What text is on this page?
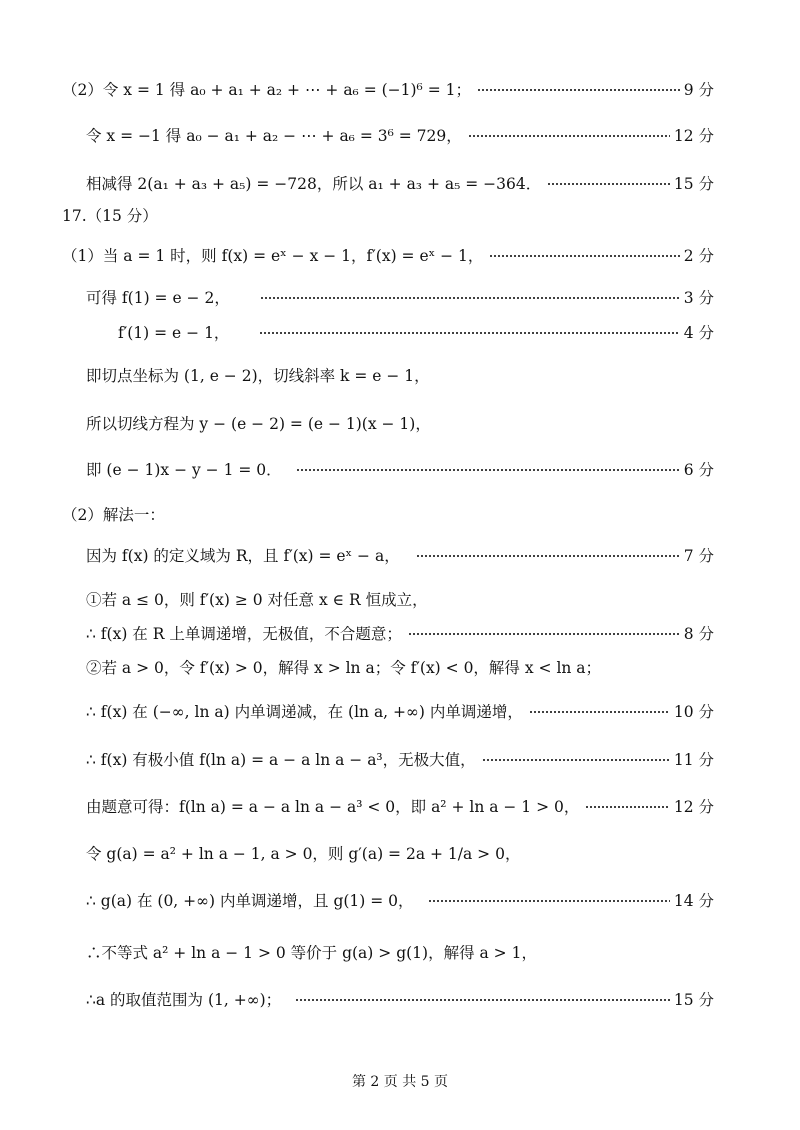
（2）令 x = 1 得 a₀ + a₁ + a₂ + ⋯ + a₆ = (−1)⁶ = 1；	9 分
令 x = −1 得 a₀ − a₁ + a₂ − ⋯ + a₆ = 3⁶ = 729，	12 分
相减得 2(a₁ + a₃ + a₅) = −728，所以 a₁ + a₃ + a₅ = −364．	15 分
17.（15 分）
（1）当 a = 1 时，则 f(x) = eˣ − x − 1，f′(x) = eˣ − 1，	2 分
可得 f(1) = e − 2，	3 分
f′(1) = e − 1，	4 分
即切点坐标为 (1, e − 2)，切线斜率 k = e − 1，
所以切线方程为 y − (e − 2) = (e − 1)(x − 1)，
即 (e − 1)x − y − 1 = 0．	6 分
（2）解法一：
因为 f(x) 的定义域为 R，且 f′(x) = eˣ − a，	7 分
①若 a ≤ 0，则 f′(x) ≥ 0 对任意 x ∈ R 恒成立，
∴ f(x) 在 R 上单调递增，无极值，不合题意；	8 分
②若 a > 0，令 f′(x) > 0，解得 x > ln a；令 f′(x) < 0，解得 x < ln a；
∴ f(x) 在 (−∞, ln a) 内单调递减，在 (ln a, +∞) 内单调递增，	10 分
∴ f(x) 有极小值 f(ln a) = a − a ln a − a³，无极大值，	11 分
由题意可得：f(ln a) = a − a ln a − a³ < 0，即 a² + ln a − 1 > 0，	12 分
令 g(a) = a² + ln a − 1, a > 0，则 g′(a) = 2a + 1/a > 0，
∴ g(a) 在 (0, +∞) 内单调递增，且 g(1) = 0，	14 分
∴不等式 a² + ln a − 1 > 0 等价于 g(a) > g(1)，解得 a > 1，
∴a 的取值范围为 (1, +∞)；	15 分
第 2 页 共 5 页
